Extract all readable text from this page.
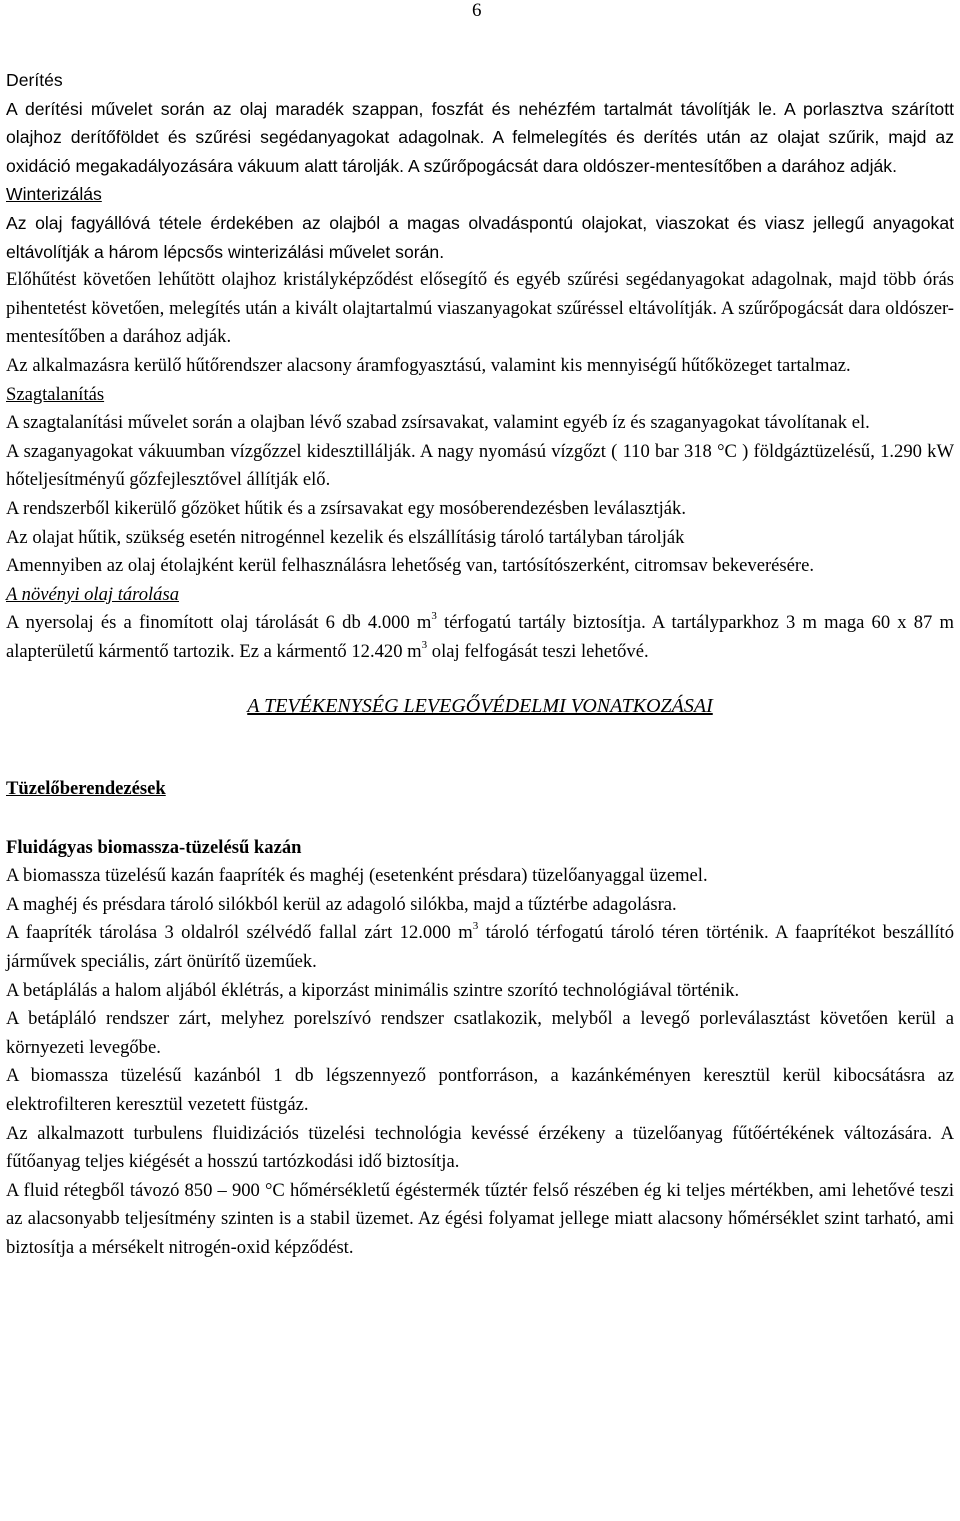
6

Derítés

A derítési művelet során az olaj maradék szappan, foszfát és nehézfém tartalmát távolítják le. A porlasztva szárított olajhoz derítőföldet és szűrési segédanyagokat adagolnak. A felmelegítés és derítés után az olajat szűrik, majd az oxidáció megakadályozására vákuum alatt tárolják. A szűrőpogácsát dara oldószer-mentesítőben a darához adják.

Winterizálás

Az olaj fagyállóvá tétele érdekében az olajból a magas olvadáspontú olajokat, viaszokat és viasz jellegű anyagokat eltávolítják a három lépcsős winterizálási művelet során.

Előhűtést követően lehűtött olajhoz kristályképződést elősegítő és egyéb szűrési segédanyagokat adagolnak, majd több órás pihentetést követően, melegítés után a kivált olajtartalmú viaszanyagokat szűréssel eltávolítják. A szűrőpogácsát dara oldószer-mentesítőben a darához adják.

Az alkalmazásra kerülő hűtőrendszer alacsony áramfogyasztású, valamint kis mennyiségű hűtőközeget tartalmaz.

Szagtalanítás

A szagtalanítási művelet során a olajban lévő szabad zsírsavakat, valamint egyéb íz és szaganyagokat távolítanak el.

A szaganyagokat vákuumban vízgőzzel kidesztillálják. A nagy nyomású vízgőzt ( 110 bar 318 °C ) földgáztüzelésű, 1.290 kW hőteljesítményű gőzfejlesztővel állítják elő.

A rendszerből kikerülő gőzöket hűtik és a zsírsavakat egy mosóberendezésben leválasztják.

Az olajat hűtik, szükség esetén nitrogénnel kezelik és elszállításig tároló tartályban tárolják

Amennyiben az olaj étolajként kerül felhasználásra lehetőség van, tartósítószerként, citromsav bekeverésére.

A növényi olaj tárolása

A nyersolaj és a finomított olaj tárolását 6 db 4.000 $m^3$ térfogatú tartály biztosítja. A tartályparkhoz 3 m maga 60 x 87 m alapterületű kármentő tartozik. Ez a kármentő 12.420 $m^3$ olaj felfogását teszi lehetővé.

A TEVÉKENYSÉG LEVEGŐVÉDELMI VONATKOZÁSAI

Tüzelőberendezések

Fluidágyas biomassza-tüzelésű kazán

A biomassza tüzelésű kazán faapríték és maghéj (esetenként présdara) tüzelőanyaggal üzemel.

A maghéj és présdara tároló silókból kerül az adagoló silókba, majd a tűztérbe adagolásra.

A faapríték tárolása 3 oldalról szélvédő fallal zárt 12.000 $m^3$ tároló térfogatú tároló téren történik. A faaprítékot beszállító járművek speciális, zárt önürítő üzeműek.

A betáplálás a halom aljából éklétrás, a kiporzást minimális szintre szorító technológiával történik.

A betápláló rendszer zárt, melyhez porelszívó rendszer csatlakozik, melyből a levegő porleválasztást követően kerül a környezeti levegőbe.

A biomassza tüzelésű kazánból 1 db légszennyező pontforráson, a kazánkéményen keresztül kerül kibocsátásra az elektrofilteren keresztül vezetett füstgáz.

Az alkalmazott turbulens fluidizációs tüzelési technológia kevéssé érzékeny a tüzelőanyag fűtőértékének változására. A fűtőanyag teljes kiégését a hosszú tartózkodási idő biztosítja.

A fluid rétegből távozó 850 – 900 °C hőmérsékletű égéstermék tűztér felső részében ég ki teljes mértékben, ami lehetővé teszi az alacsonyabb teljesítmény szinten is a stabil üzemet. Az égési folyamat jellege miatt alacsony hőmérséklet szint tarható, ami biztosítja a mérsékelt nitrogén-oxid képződést.
